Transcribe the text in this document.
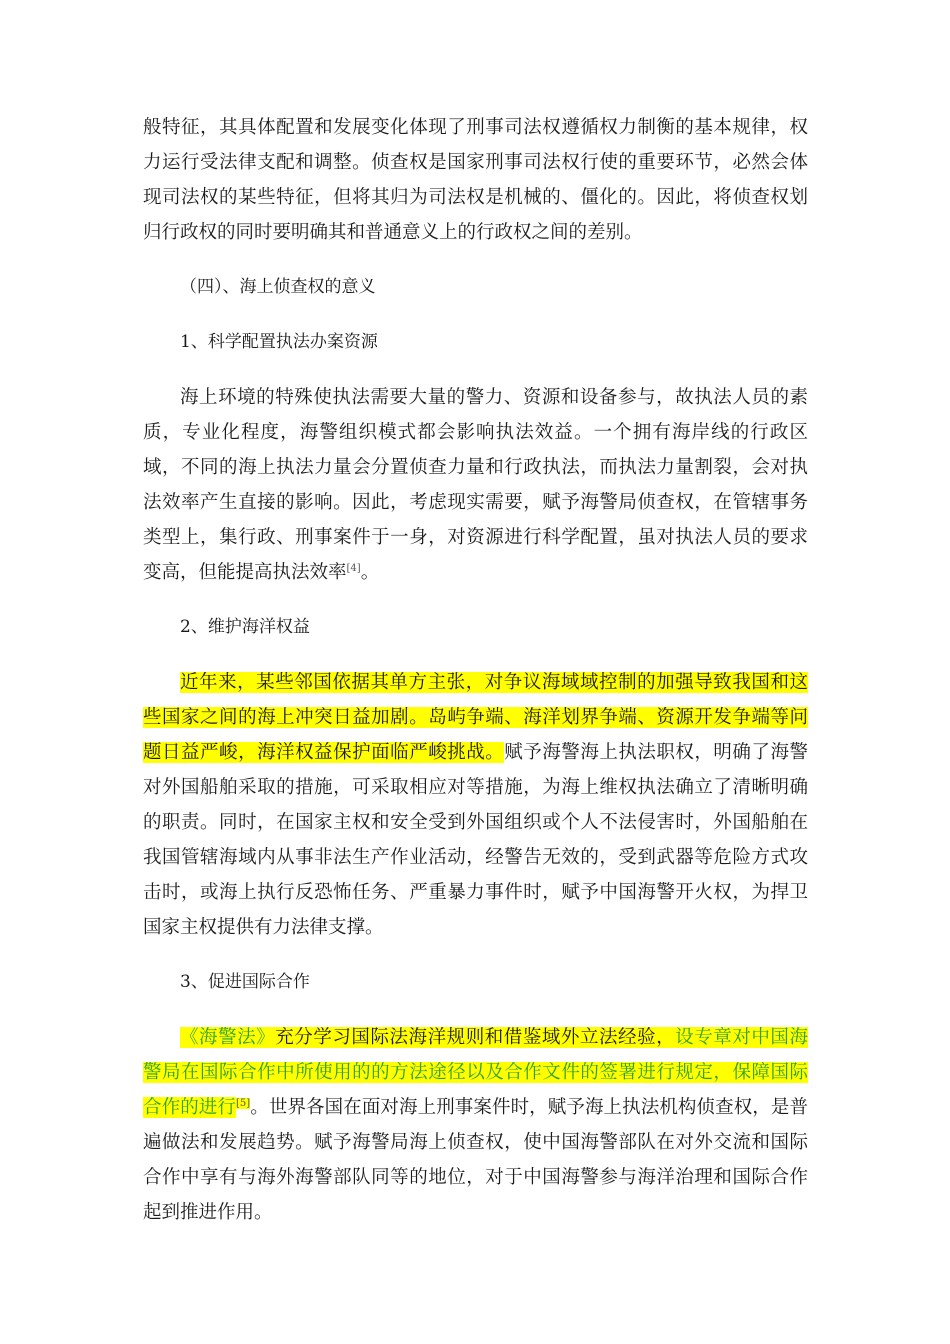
般特征，其具体配置和发展变化体现了刑事司法权遵循权力制衡的基本规律，权力运行受法律支配和调整。侦查权是国家刑事司法权行使的重要环节，必然会体现司法权的某些特征，但将其归为司法权是机械的、僵化的。因此，将侦查权划归行政权的同时要明确其和普通意义上的行政权之间的差别。

（四）、海上侦查权的意义

1、科学配置执法办案资源

海上环境的特殊使执法需要大量的警力、资源和设备参与，故执法人员的素质，专业化程度，海警组织模式都会影响执法效益。一个拥有海岸线的行政区域，不同的海上执法力量会分置侦查力量和行政执法，而执法力量割裂，会对执法效率产生直接的影响。因此，考虑现实需要，赋予海警局侦查权，在管辖事务类型上，集行政、刑事案件于一身，对资源进行科学配置，虽对执法人员的要求变高，但能提高执法效率[4]。

2、维护海洋权益

近年来，某些邻国依据其单方主张，对争议海域域控制的加强导致我国和这些国家之间的海上冲突日益加剧。岛屿争端、海洋划界争端、资源开发争端等问题日益严峻，海洋权益保护面临严峻挑战。赋予海警海上执法职权，明确了海警对外国船舶采取的措施，可采取相应对等措施，为海上维权执法确立了清晰明确的职责。同时，在国家主权和安全受到外国组织或个人不法侵害时，外国船舶在我国管辖海域内从事非法生产作业活动，经警告无效的，受到武器等危险方式攻击时，或海上执行反恐怖任务、严重暴力事件时，赋予中国海警开火权，为捍卫国家主权提供有力法律支撑。

3、促进国际合作

《海警法》充分学习国际法海洋规则和借鉴域外立法经验，设专章对中国海警局在国际合作中所使用的的方法途径以及合作文件的签署进行规定，保障国际合作的进行[5]。世界各国在面对海上刑事案件时，赋予海上执法机构侦查权，是普遍做法和发展趋势。赋予海警局海上侦查权，使中国海警部队在对外交流和国际合作中享有与海外海警部队同等的地位，对于中国海警参与海洋治理和国际合作起到推进作用。
